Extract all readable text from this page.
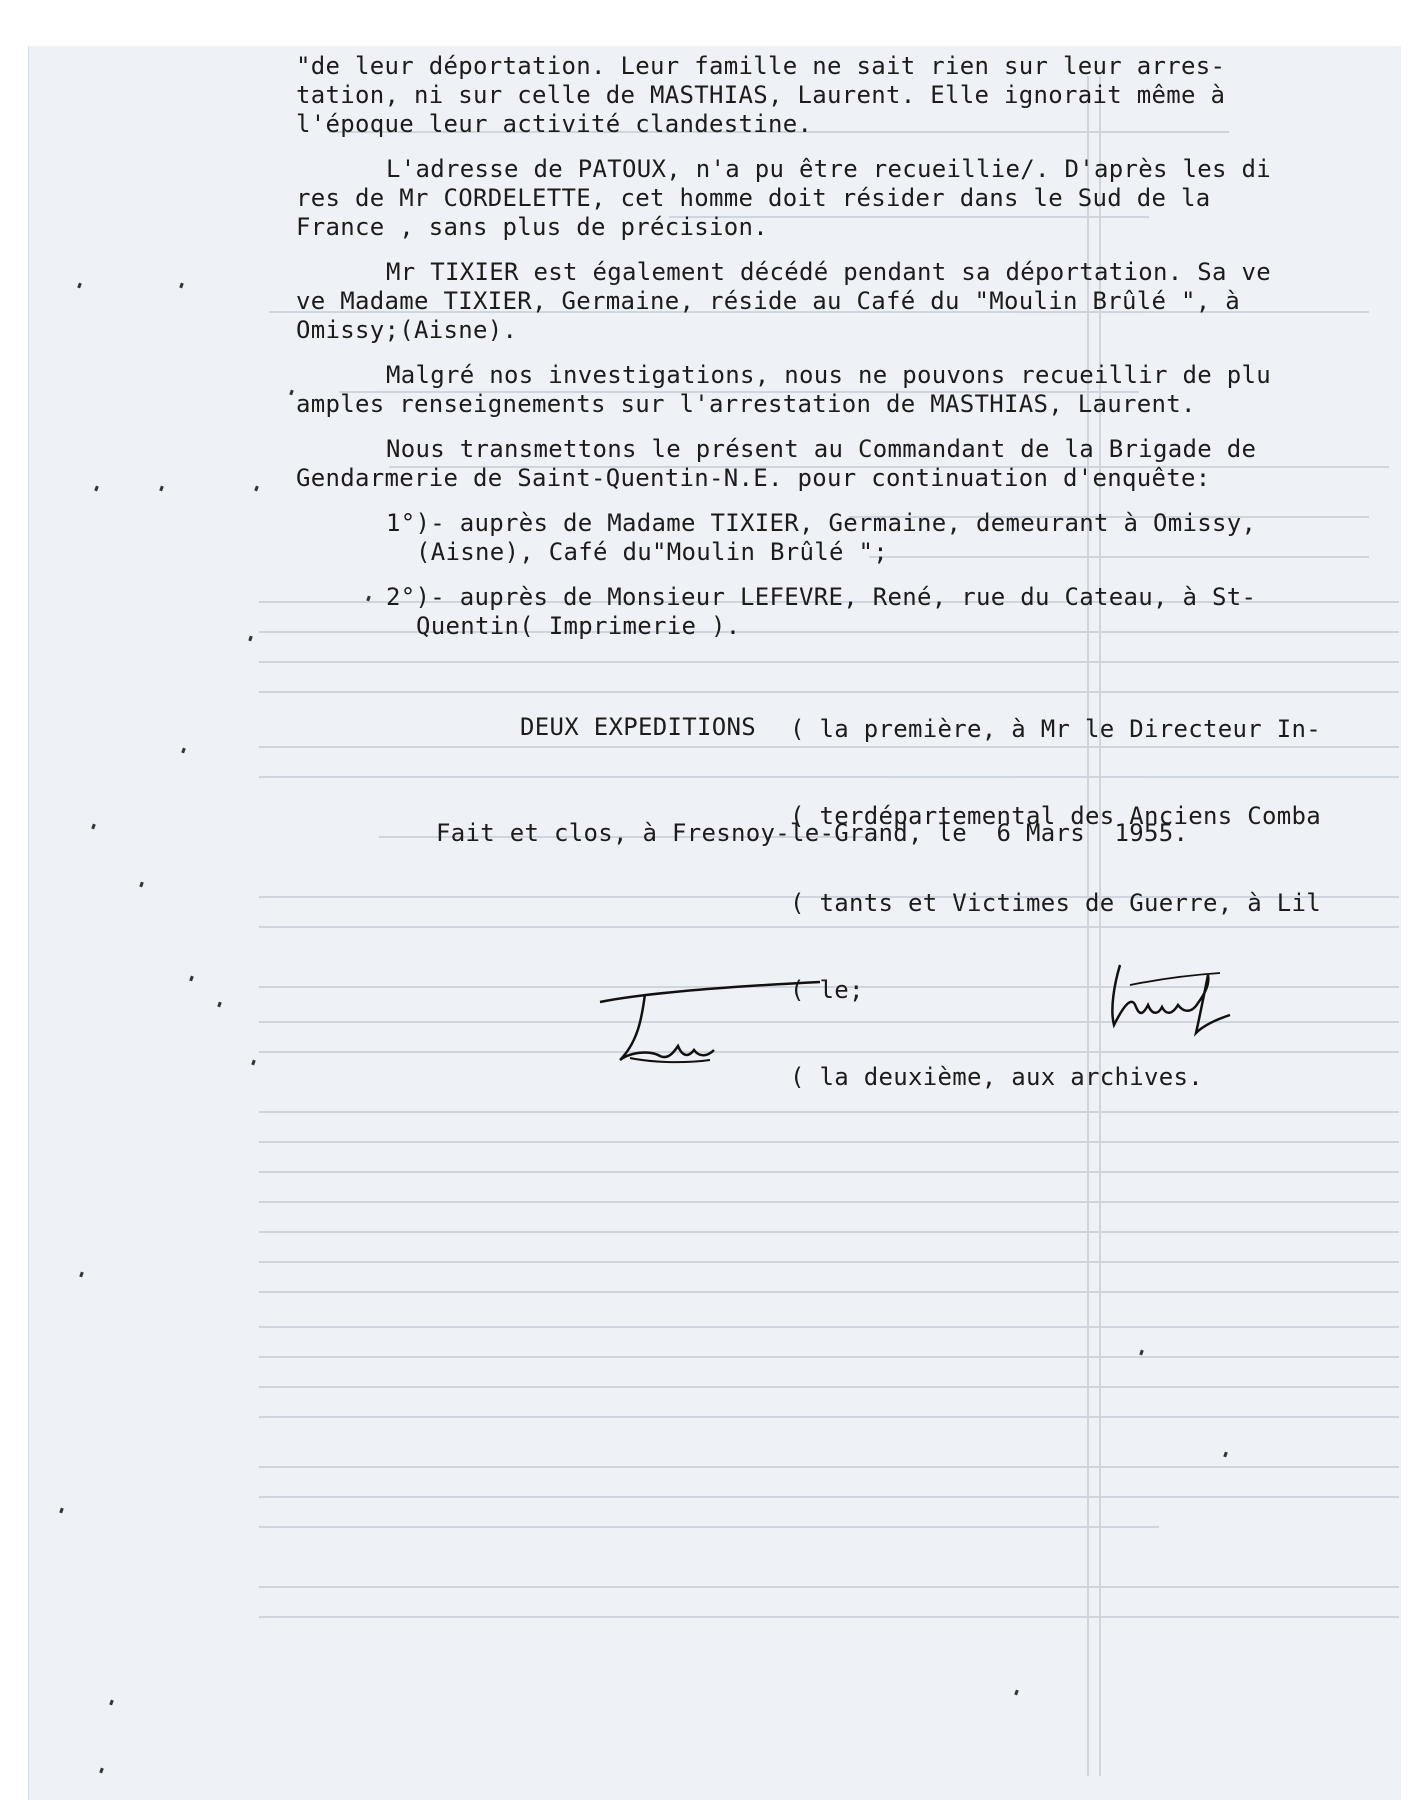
"de leur déportation. Leur famille ne sait rien sur leur arres-
tation, ni sur celle de MASTHIAS, Laurent. Elle ignorait même à
l'époque leur activité clandestine.
L'adresse de PATOUX, n'a pu être recueillie/. D'après les di
res de Mr CORDELETTE, cet homme doit résider dans le Sud de la
France , sans plus de précision.
Mr TIXIER est également décédé pendant sa déportation. Sa ve
ve Madame TIXIER, Germaine, réside au Café du "Moulin Brûlé ", à
Omissy;(Aisne).
Malgré nos investigations, nous ne pouvons recueillir de plu
amples renseignements sur l'arrestation de MASTHIAS, Laurent.
Nous transmettons le présent au Commandant de la Brigade de
Gendarmerie de Saint-Quentin-N.E. pour continuation d'enquête:
1°)- auprès de Madame TIXIER, Germaine, demeurant à Omissy,
(Aisne), Café du"Moulin Brûlé ";
2°)- auprès de Monsieur LEFEVRE, René, rue du Cateau, à St-
Quentin( Imprimerie ).
DEUX EXPEDITIONS

( la première, à Mr le Directeur In-

( terdépartemental des Anciens Comba

( tants et Victimes de Guerre, à Lil

( le;

( la deuxième, aux archives.

Fait et clos, à Fresnoy-le-Grand, le  6 Mars  1955.
